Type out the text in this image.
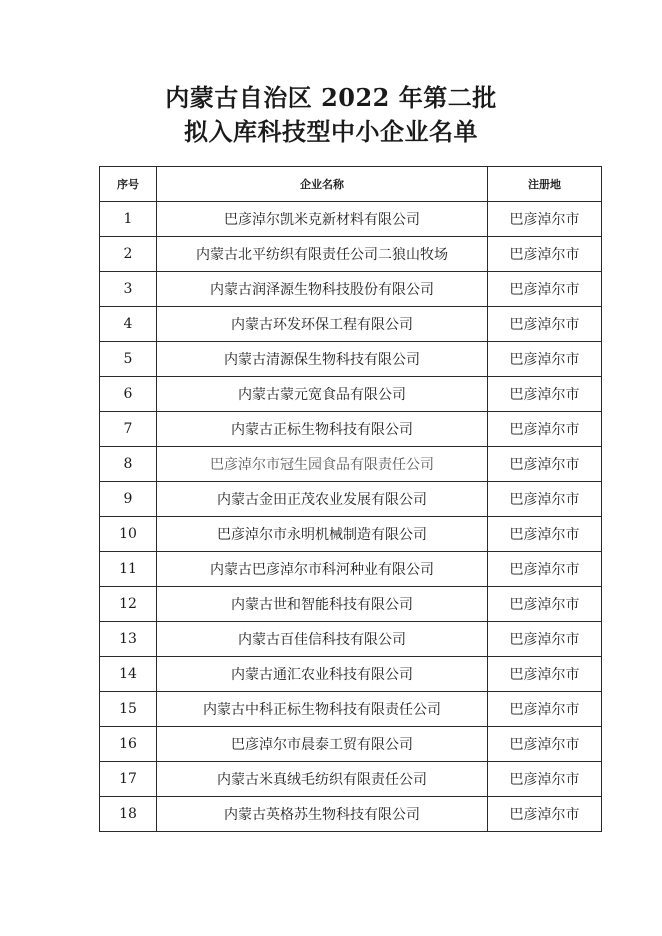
内蒙古自治区 2022 年第二批
拟入库科技型中小企业名单
序号	企业名称	注册地
1	巴彦淖尔凯米克新材料有限公司	巴彦淖尔市
2	内蒙古北平纺织有限责任公司二狼山牧场	巴彦淖尔市
3	内蒙古润泽源生物科技股份有限公司	巴彦淖尔市
4	内蒙古环发环保工程有限公司	巴彦淖尔市
5	内蒙古清源保生物科技有限公司	巴彦淖尔市
6	内蒙古蒙元宽食品有限公司	巴彦淖尔市
7	内蒙古正标生物科技有限公司	巴彦淖尔市
8	巴彦淖尔市冠生园食品有限责任公司	巴彦淖尔市
9	内蒙古金田正茂农业发展有限公司	巴彦淖尔市
10	巴彦淖尔市永明机械制造有限公司	巴彦淖尔市
11	内蒙古巴彦淖尔市科河种业有限公司	巴彦淖尔市
12	内蒙古世和智能科技有限公司	巴彦淖尔市
13	内蒙古百佳信科技有限公司	巴彦淖尔市
14	内蒙古通汇农业科技有限公司	巴彦淖尔市
15	内蒙古中科正标生物科技有限责任公司	巴彦淖尔市
16	巴彦淖尔市晨泰工贸有限公司	巴彦淖尔市
17	内蒙古米真绒毛纺织有限责任公司	巴彦淖尔市
18	内蒙古英格苏生物科技有限公司	巴彦淖尔市
